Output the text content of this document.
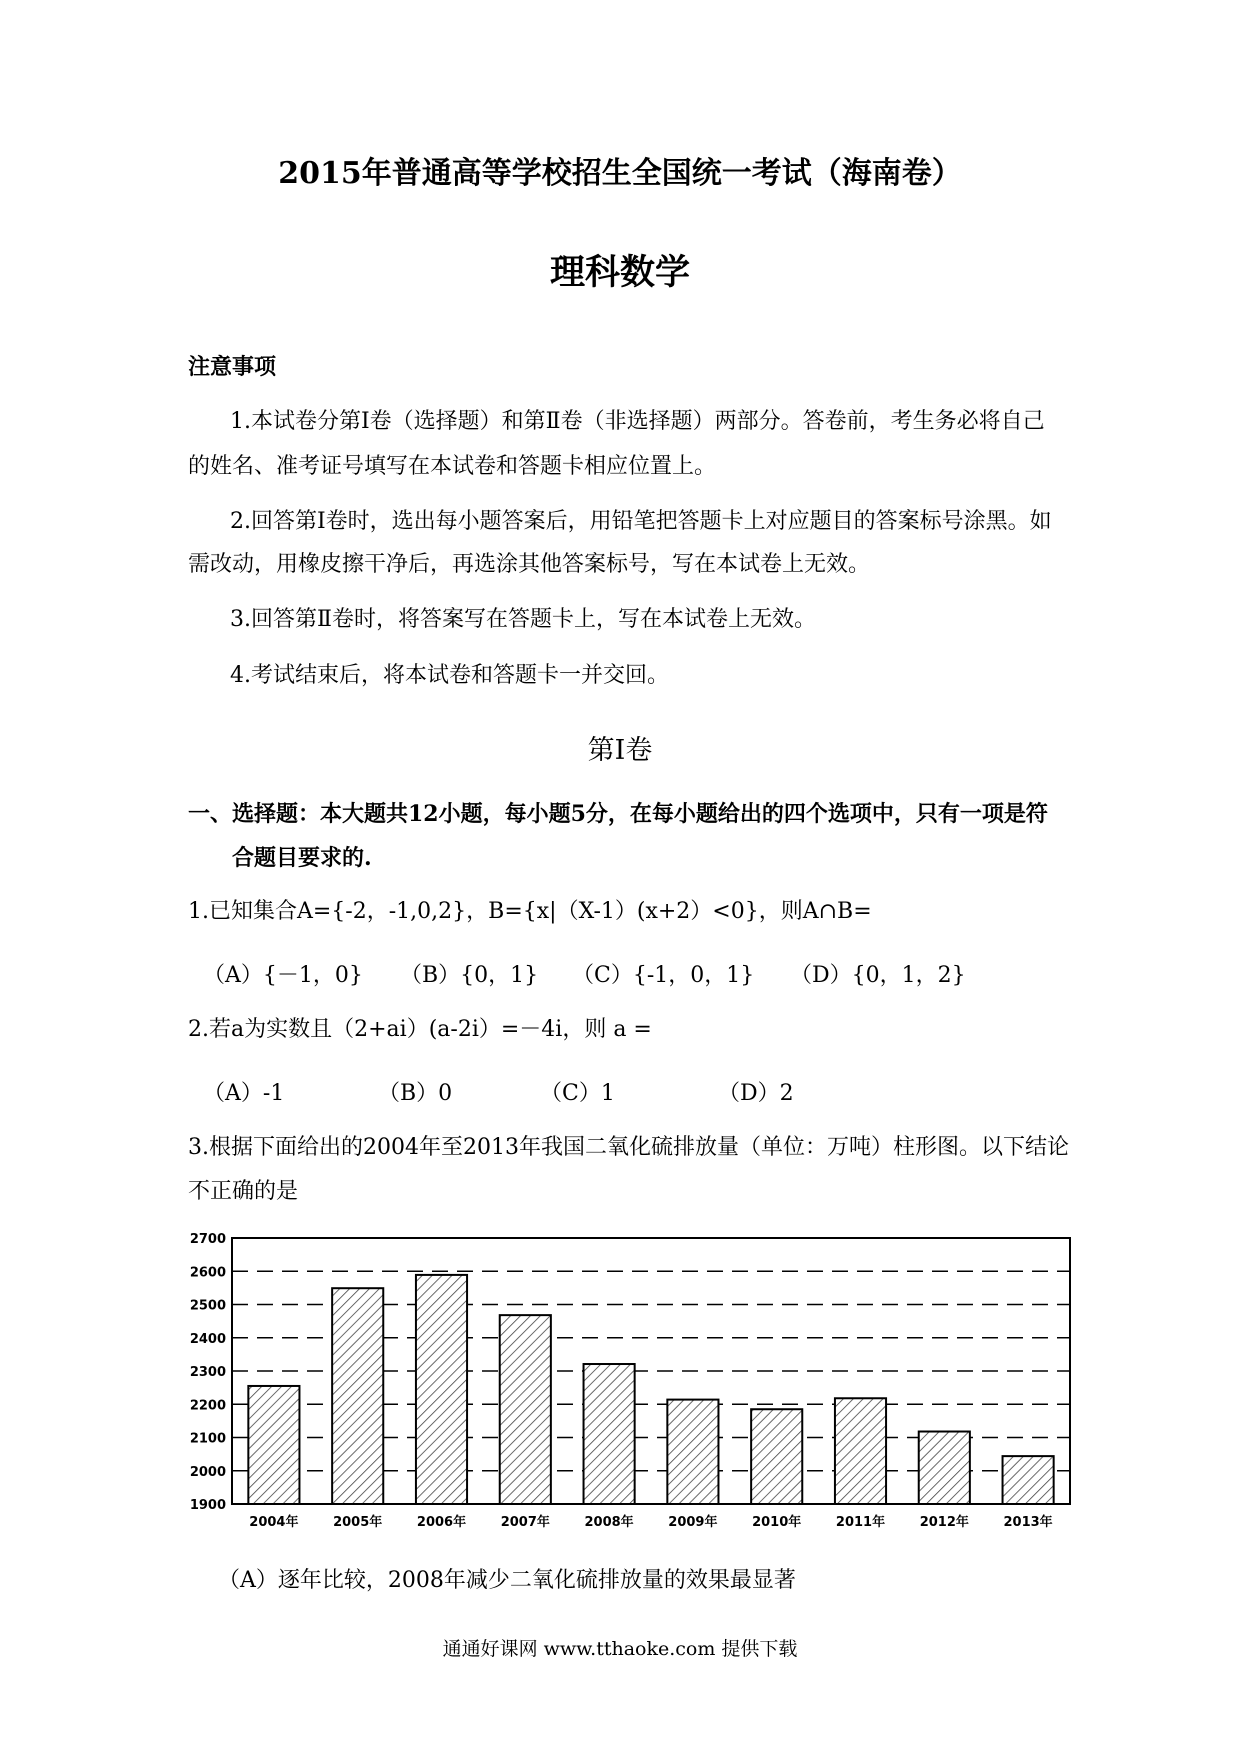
2015年普通高等学校招生全国统一考试（海南卷）
理科数学
注意事项
1.本试卷分第Ⅰ卷（选择题）和第Ⅱ卷（非选择题）两部分。答卷前，考生务必将自己
的姓名、准考证号填写在本试卷和答题卡相应位置上。
2.回答第Ⅰ卷时，选出每小题答案后，用铅笔把答题卡上对应题目的答案标号涂黑。如
需改动，用橡皮擦干净后，再选涂其他答案标号，写在本试卷上无效。
3.回答第Ⅱ卷时，将答案写在答题卡上，写在本试卷上无效。
4.考试结束后，将本试卷和答题卡一并交回。
第Ⅰ卷
一、选择题：本大题共12小题，每小题5分，在每小题给出的四个选项中，只有一项是符
合题目要求的.
1.已知集合A={-2，-1,0,2}，B={x|（X-1）(x+2）<0}，则A∩B=
（A）{－1，0} （B）{0，1} （C）{-1，0，1} （D）{0，1，2}
2.若a为实数且（2+ai）(a-2i）=－4i，则 a =
（A）-1	（B）0	（C）1	（D）2
3.根据下面给出的2004年至2013年我国二氧化硫排放量（单位：万吨）柱形图。以下结论
不正确的是
1900
2000
2100
2200
2300
2400
2500
2600
2700
2004年	2005年	2006年	2007年	2008年	2009年	2010年	2011年	2012年	2013年
（A）逐年比较，2008年减少二氧化硫排放量的效果最显著
通通好课网 www.tthaoke.com 提供下载
